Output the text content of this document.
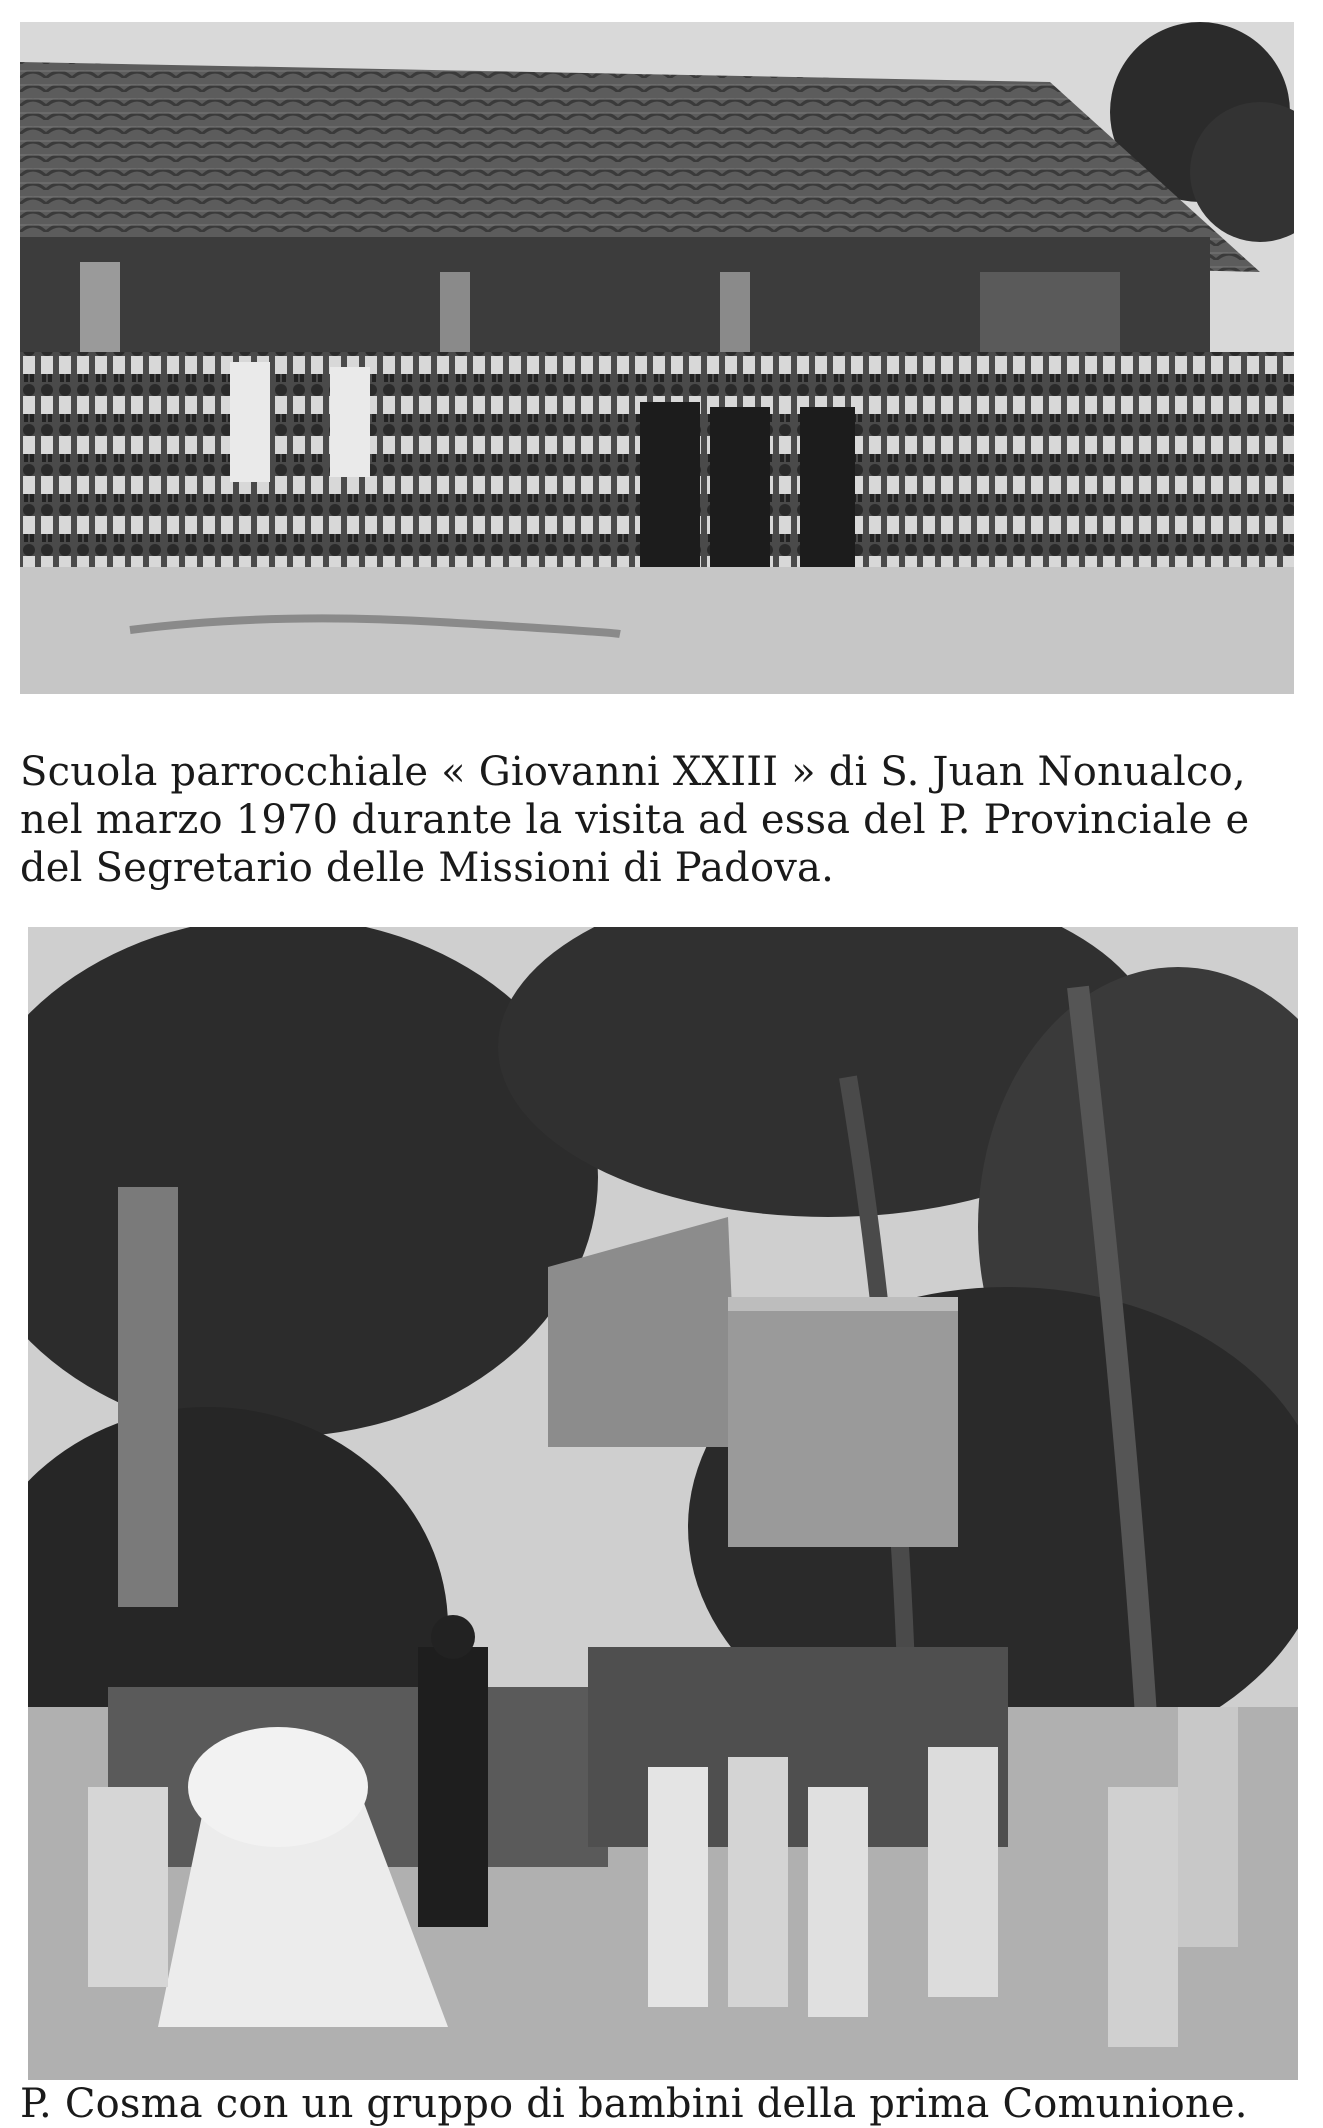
Scuola parrocchiale « Giovanni XXIII » di S. Juan Nonualco,
nel marzo 1970 durante la visita ad essa del P. Provinciale e
del Segretario delle Missioni di Padova.
P. Cosma con un gruppo di bambini della prima Comunione.
